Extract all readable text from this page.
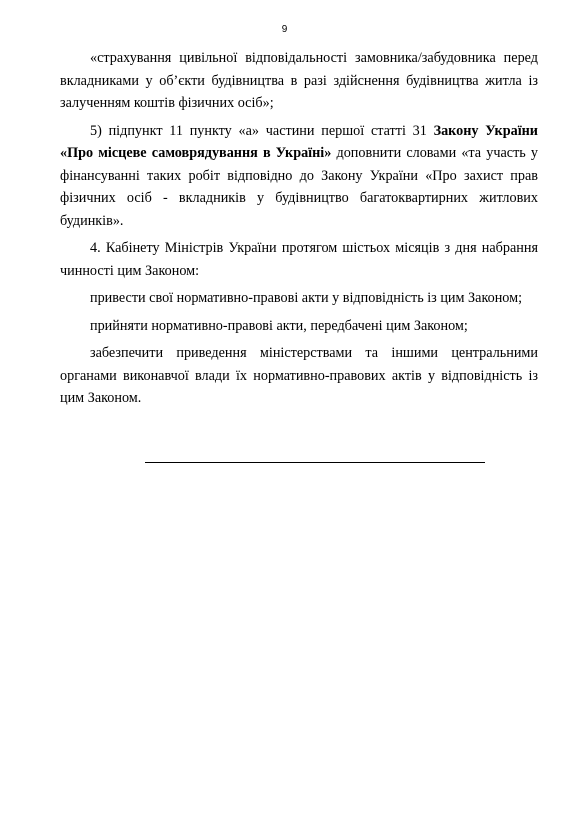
9

«страхування цивільної відповідальності замовника/забудовника перед вкладниками у об’єкти будівництва в разі здійснення будівництва житла із залученням коштів фізичних осіб»;

5) підпункт 11 пункту «а» частини першої статті 31 Закону України «Про місцеве самоврядування в Україні» доповнити словами «та участь у фінансуванні таких робіт відповідно до Закону України «Про захист прав фізичних осіб - вкладників у будівництво багатоквартирних житлових будинків».

4. Кабінету Міністрів України протягом шістьох місяців з дня набрання чинності цим Законом:

привести свої нормативно-правові акти у відповідність із цим Законом;

прийняти нормативно-правові акти, передбачені цим Законом;

забезпечити приведення міністерствами та іншими центральними органами виконавчої влади їх нормативно-правових актів у відповідність із цим Законом.
